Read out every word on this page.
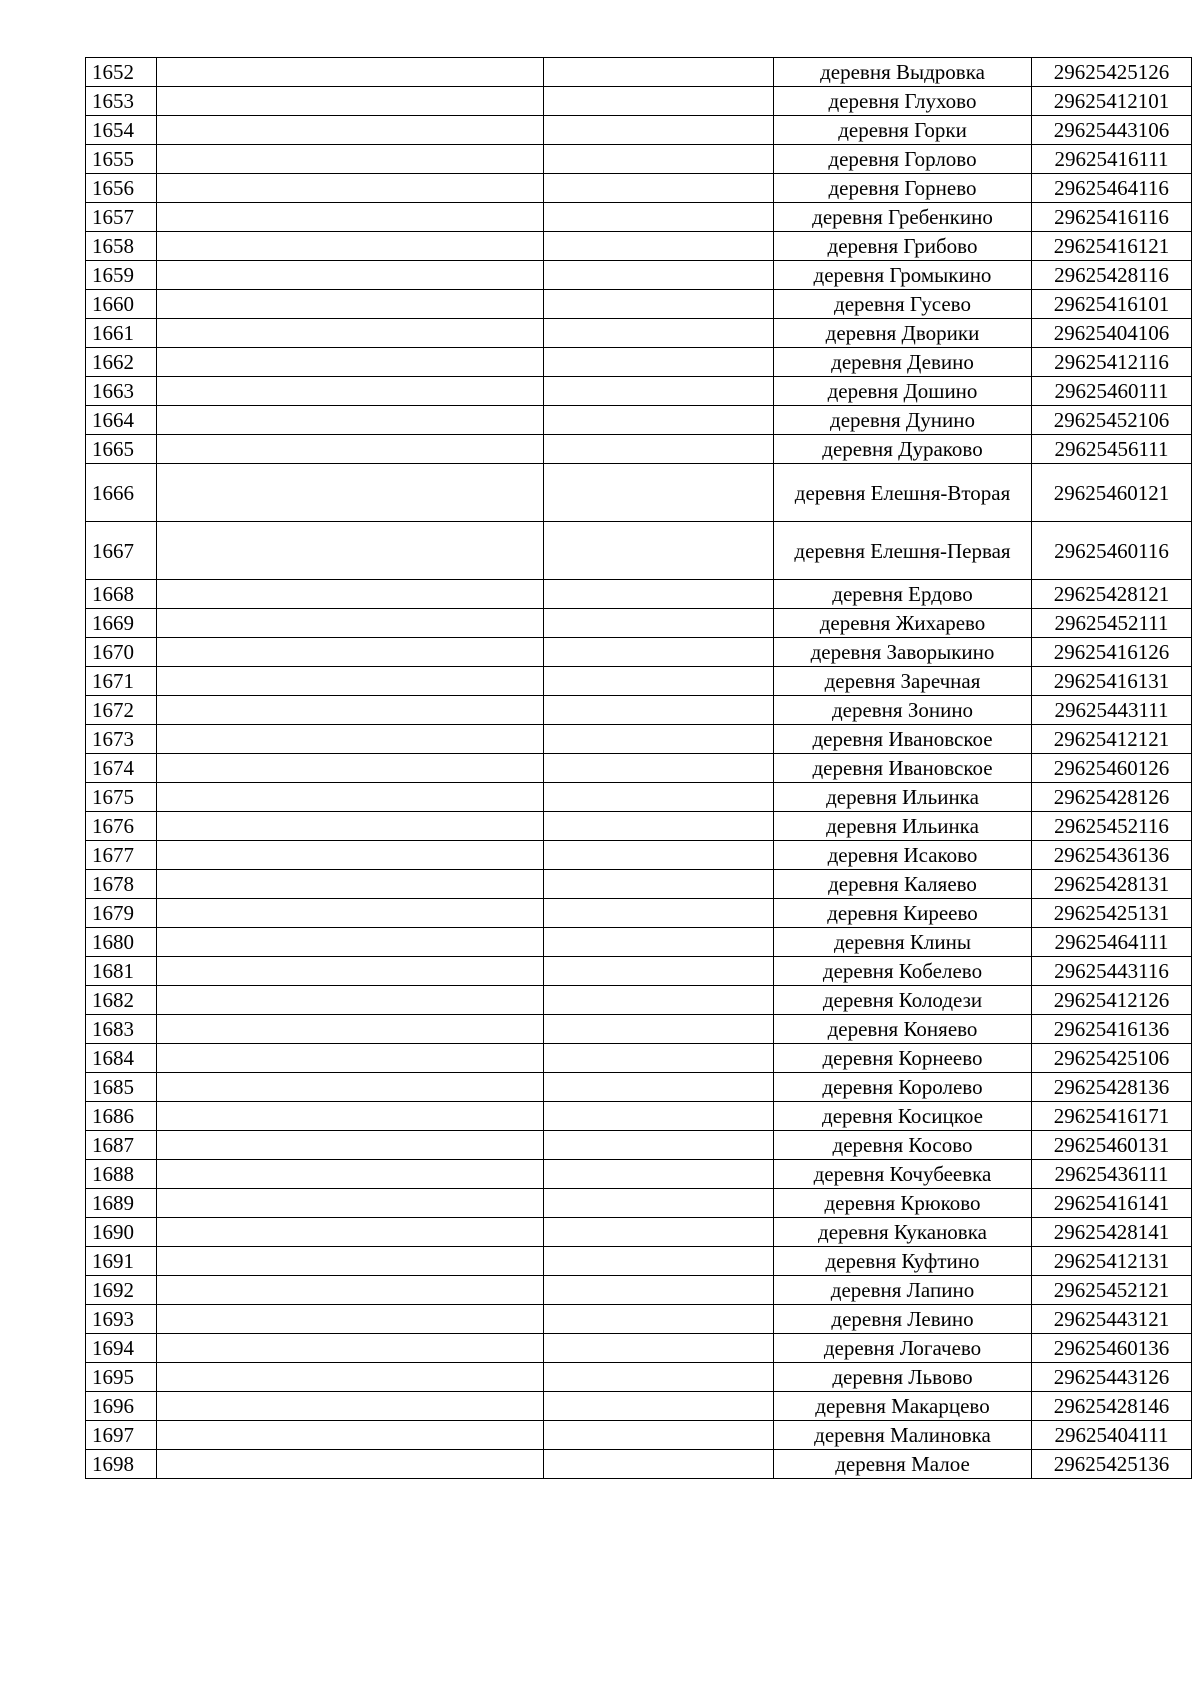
1652			деревня Выдровка	29625425126
1653			деревня Глухово	29625412101
1654			деревня Горки	29625443106
1655			деревня Горлово	29625416111
1656			деревня Горнево	29625464116
1657			деревня Гребенкино	29625416116
1658			деревня Грибово	29625416121
1659			деревня Громыкино	29625428116
1660			деревня Гусево	29625416101
1661			деревня Дворики	29625404106
1662			деревня Девино	29625412116
1663			деревня Дошино	29625460111
1664			деревня Дунино	29625452106
1665			деревня Дураково	29625456111
1666			деревня Елешня-Вторая	29625460121
1667			деревня Елешня-Первая	29625460116
1668			деревня Ердово	29625428121
1669			деревня Жихарево	29625452111
1670			деревня Заворыкино	29625416126
1671			деревня Заречная	29625416131
1672			деревня Зонино	29625443111
1673			деревня Ивановское	29625412121
1674			деревня Ивановское	29625460126
1675			деревня Ильинка	29625428126
1676			деревня Ильинка	29625452116
1677			деревня Исаково	29625436136
1678			деревня Каляево	29625428131
1679			деревня Киреево	29625425131
1680			деревня Клины	29625464111
1681			деревня Кобелево	29625443116
1682			деревня Колодези	29625412126
1683			деревня Коняево	29625416136
1684			деревня Корнеево	29625425106
1685			деревня Королево	29625428136
1686			деревня Косицкое	29625416171
1687			деревня Косово	29625460131
1688			деревня Кочубеевка	29625436111
1689			деревня Крюково	29625416141
1690			деревня Кукановка	29625428141
1691			деревня Куфтино	29625412131
1692			деревня Лапино	29625452121
1693			деревня Левино	29625443121
1694			деревня Логачево	29625460136
1695			деревня Львово	29625443126
1696			деревня Макарцево	29625428146
1697			деревня Малиновка	29625404111
1698			деревня Малое	29625425136
